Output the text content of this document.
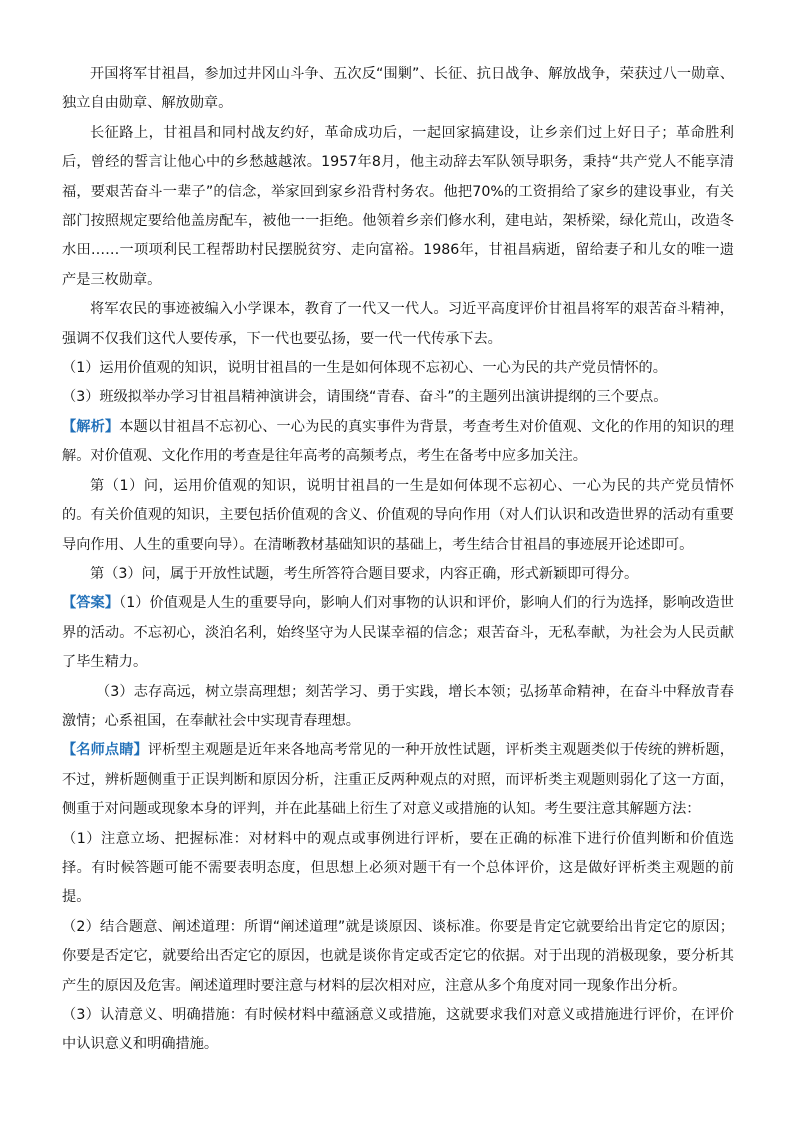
开国将军甘祖昌，参加过井冈山斗争、五次反“围剿”、长征、抗日战争、解放战争，荣获过八一勋章、独立自由勋章、解放勋章。

长征路上，甘祖昌和同村战友约好，革命成功后，一起回家搞建设，让乡亲们过上好日子；革命胜利后，曾经的誓言让他心中的乡愁越越浓。1957年8月，他主动辞去军队领导职务，秉持“共产党人不能享清福，要艰苦奋斗一辈子”的信念，举家回到家乡沿背村务农。他把70%的工资捐给了家乡的建设事业，有关部门按照规定要给他盖房配车，被他一一拒绝。他领着乡亲们修水利，建电站，架桥梁，绿化荒山，改造冬水田……一项项利民工程帮助村民摆脱贫穷、走向富裕。1986年，甘祖昌病逝，留给妻子和儿女的唯一遗产是三枚勋章。

将军农民的事迹被编入小学课本，教育了一代又一代人。习近平高度评价甘祖昌将军的艰苦奋斗精神，强调不仅我们这代人要传承，下一代也要弘扬，要一代一代传承下去。

（1）运用价值观的知识，说明甘祖昌的一生是如何体现不忘初心、一心为民的共产党员情怀的。

（3）班级拟举办学习甘祖昌精神演讲会，请围绕“青春、奋斗”的主题列出演讲提纲的三个要点。

【解析】本题以甘祖昌不忘初心、一心为民的真实事件为背景，考查考生对价值观、文化的作用的知识的理解。对价值观、文化作用的考查是往年高考的高频考点，考生在备考中应多加关注。

第（1）问，运用价值观的知识，说明甘祖昌的一生是如何体现不忘初心、一心为民的共产党员情怀的。有关价值观的知识，主要包括价值观的含义、价值观的导向作用（对人们认识和改造世界的活动有重要导向作用、人生的重要向导）。在清晰教材基础知识的基础上，考生结合甘祖昌的事迹展开论述即可。

第（3）问，属于开放性试题，考生所答符合题目要求，内容正确，形式新颖即可得分。

【答案】（1）价值观是人生的重要导向，影响人们对事物的认识和评价，影响人们的行为选择，影响改造世界的活动。不忘初心，淡泊名利，始终坚守为人民谋幸福的信念；艰苦奋斗，无私奉献，为社会为人民贡献了毕生精力。

（3）志存高远，树立崇高理想；刻苦学习、勇于实践，增长本领；弘扬革命精神，在奋斗中释放青春激情；心系祖国，在奉献社会中实现青春理想。

【名师点睛】评析型主观题是近年来各地高考常见的一种开放性试题，评析类主观题类似于传统的辨析题，不过，辨析题侧重于正误判断和原因分析，注重正反两种观点的对照，而评析类主观题则弱化了这一方面，侧重于对问题或现象本身的评判，并在此基础上衍生了对意义或措施的认知。考生要注意其解题方法：

（1）注意立场、把握标准：对材料中的观点或事例进行评析，要在正确的标准下进行价值判断和价值选择。有时候答题可能不需要表明态度，但思想上必须对题干有一个总体评价，这是做好评析类主观题的前提。

（2）结合题意、阐述道理：所谓“阐述道理”就是谈原因、谈标准。你要是肯定它就要给出肯定它的原因；你要是否定它，就要给出否定它的原因，也就是谈你肯定或否定它的依据。对于出现的消极现象，要分析其产生的原因及危害。阐述道理时要注意与材料的层次相对应，注意从多个角度对同一现象作出分析。

（3）认清意义、明确措施：有时候材料中蕴涵意义或措施，这就要求我们对意义或措施进行评价，在评价中认识意义和明确措施。
